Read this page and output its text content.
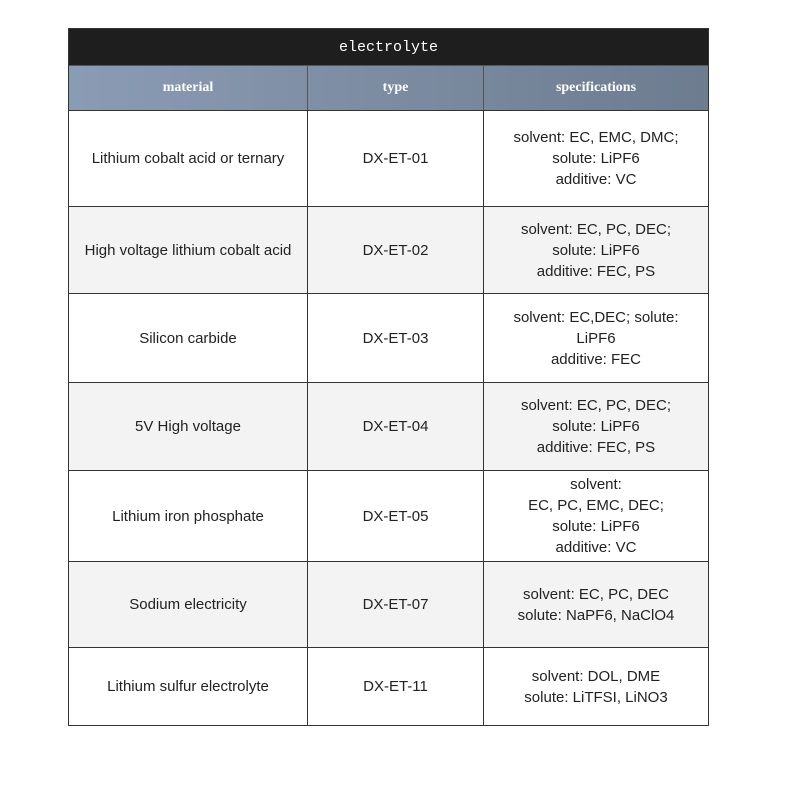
electrolyte
material	type	specifications
Lithium cobalt acid or ternary	DX-ET-01
solvent: EC, EMC, DMC;
solute: LiPF6
additive: VC
High voltage lithium cobalt acid	DX-ET-02
solvent: EC, PC, DEC;
solute: LiPF6
additive: FEC, PS
Silicon carbide	DX-ET-03
solvent: EC,DEC; solute:
LiPF6
additive: FEC
5V High voltage	DX-ET-04
solvent: EC, PC, DEC;
solute: LiPF6
additive: FEC, PS
Lithium iron phosphate	DX-ET-05
solvent:
EC, PC, EMC, DEC;
solute: LiPF6
additive: VC
Sodium electricity	DX-ET-07
solvent: EC, PC, DEC
solute: NaPF6, NaClO4
Lithium sulfur electrolyte	DX-ET-11
solvent: DOL, DME
solute: LiTFSI, LiNO3
